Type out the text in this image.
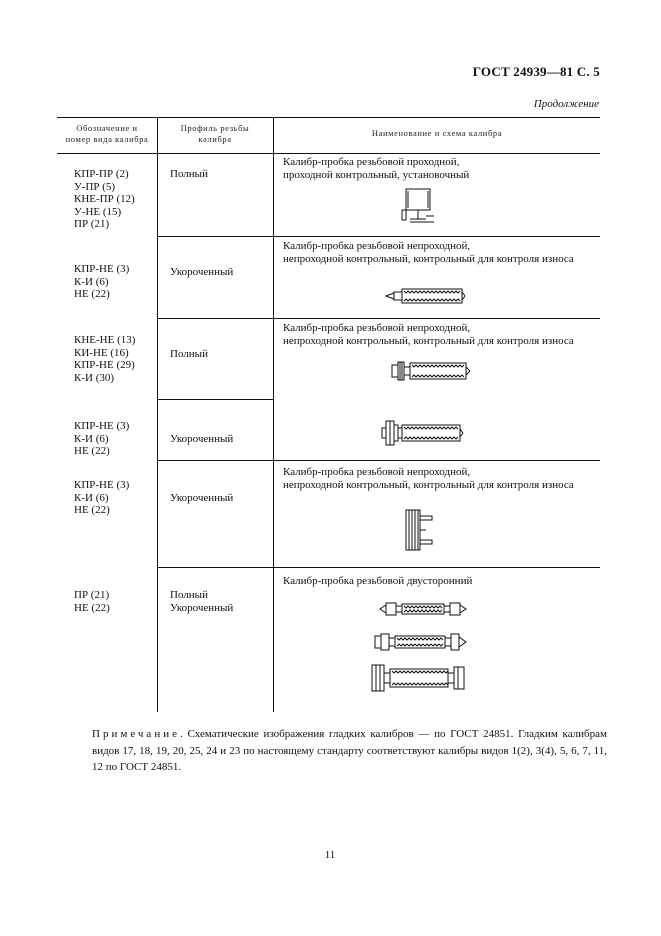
ГОСТ 24939—81 С. 5
Продолжение
Обозначение и
номер вида калибра
Профиль резьбы
калибра
Наименование и схема калибра
КПР-ПР (2)
У-ПР (5)
КНЕ-ПР (12)
У-НЕ (15)
ПР (21)
Полный
Калибр-пробка резьбовой проходной,
проходной контрольный, установочный
КПР-НЕ (3)
К-И (6)
НЕ (22)
Укороченный
Калибр-пробка резьбовой непроходной,
непроходной контрольный, контрольный для контроля износа
КНЕ-НЕ (13)
КИ-НЕ (16)
КПР-НЕ (29)
К-И (30)
Полный
Калибр-пробка резьбовой непроходной,
непроходной контрольный, контрольный для контроля износа
КПР-НЕ (3)
К-И (6)
НЕ (22)
Укороченный
КПР-НЕ (3)
К-И (6)
НЕ (22)
Укороченный
Калибр-пробка резьбовой непроходной,
непроходной контрольный, контрольный для контроля износа
ПР (21)
НЕ (22)
Полный
Укороченный
Калибр-пробка резьбовой двусторонний
Примечание. Схематические изображения гладких калибров — по ГОСТ 24851. Гладким калибрам видов 17, 18, 19, 20, 25, 24 и 23 по настоящему стандарту соответствуют калибры видов 1(2), 3(4), 5, 6, 7, 11, 12 по ГОСТ 24851.
11
